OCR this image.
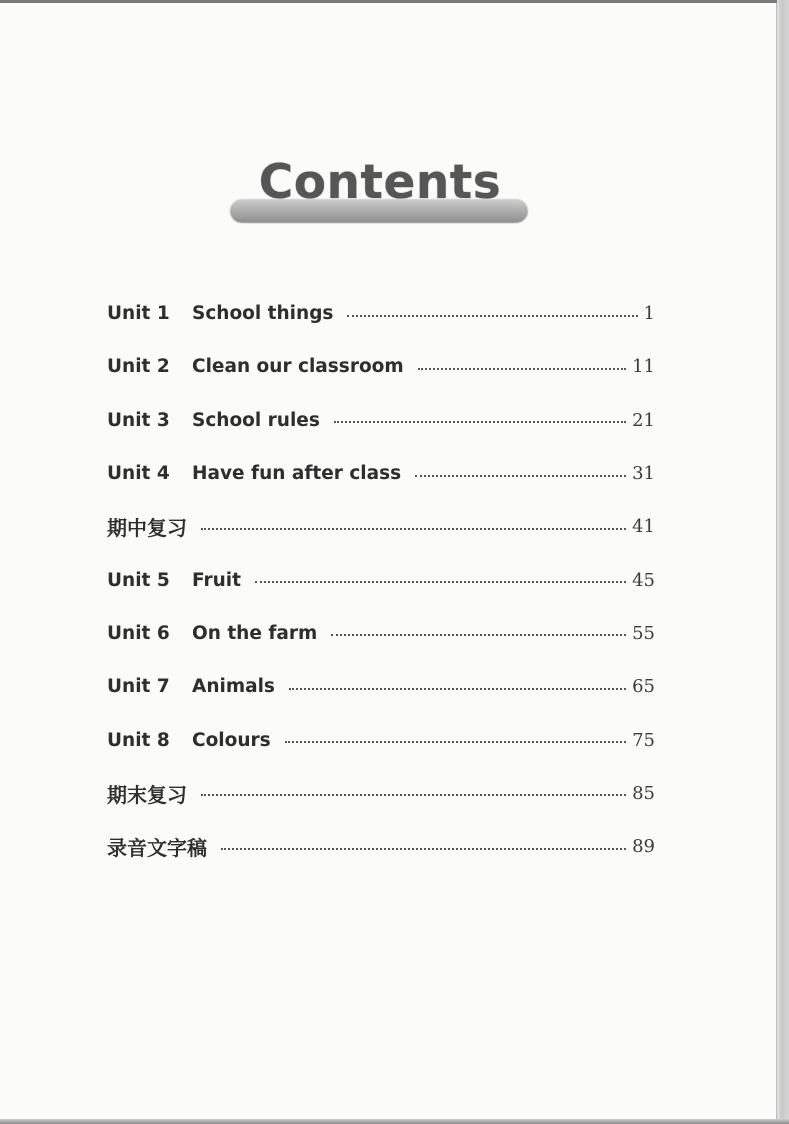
Contents
Unit 1	School things	1
Unit 2	Clean our classroom	11
Unit 3	School rules	21
Unit 4	Have fun after class	31
期中复习	41
Unit 5	Fruit	45
Unit 6	On the farm	55
Unit 7	Animals	65
Unit 8	Colours	75
期末复习	85
录音文字稿	89
